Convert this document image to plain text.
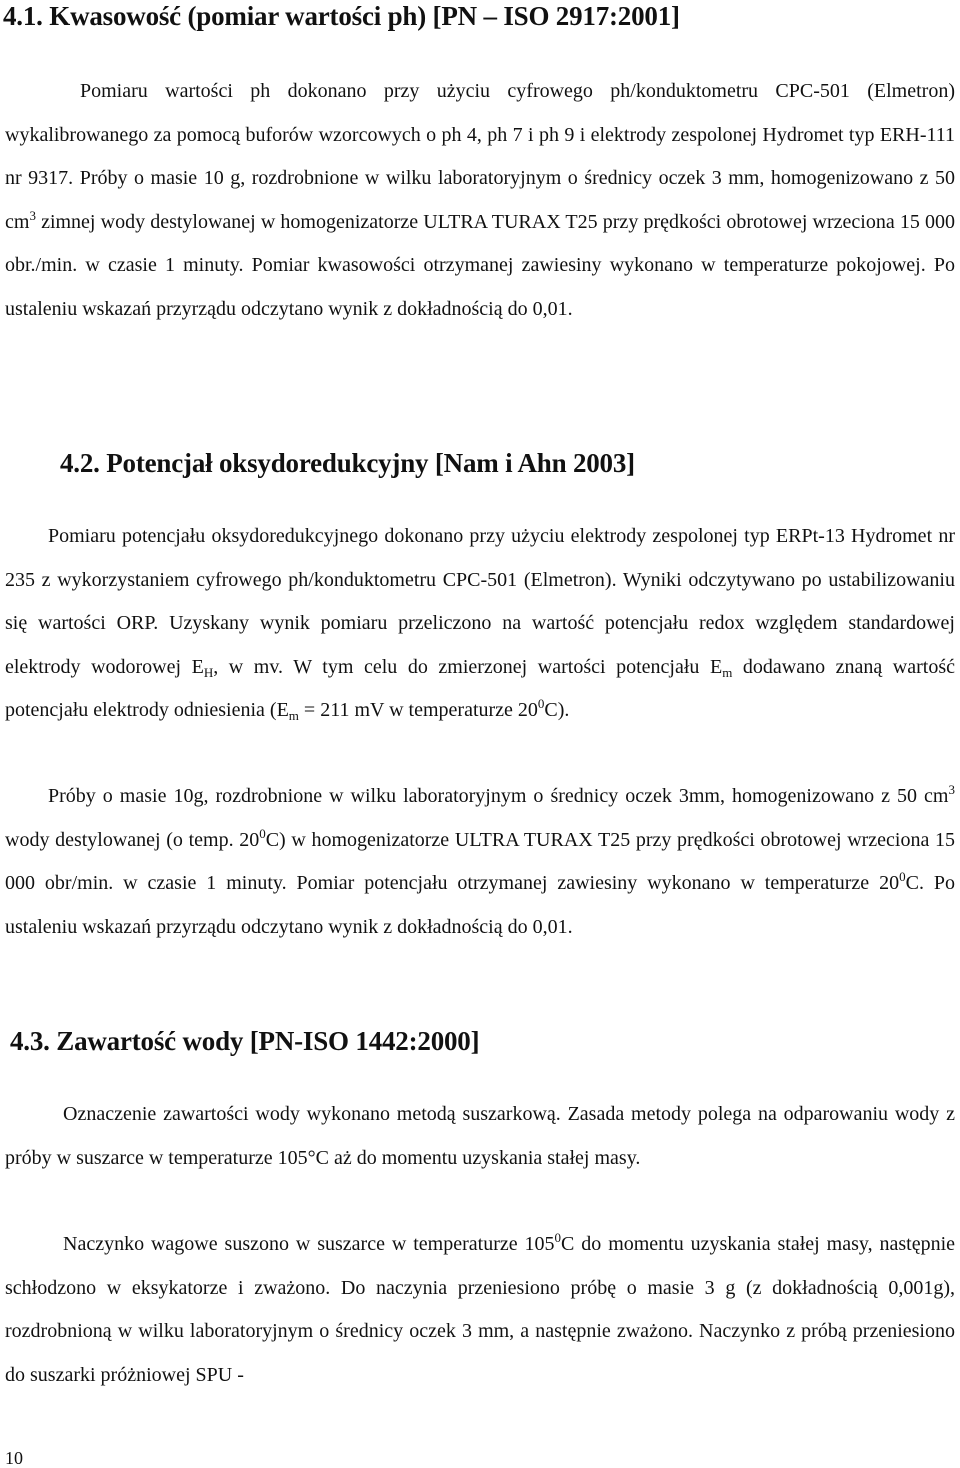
4.1. Kwasowość (pomiar wartości ph) [PN – ISO 2917:2001]

Pomiaru wartości ph dokonano przy użyciu cyfrowego ph/konduktometru CPC-501 (Elmetron) wykalibrowanego za pomocą buforów wzorcowych o ph 4, ph 7 i ph 9 i elektrody zespolonej Hydromet typ ERH-111 nr 9317. Próby o masie 10 g, rozdrobnione w wilku laboratoryjnym o średnicy oczek 3 mm, homogenizowano z 50 $cm^3$ zimnej wody destylowanej w homogenizatorze ULTRA TURAX T25 przy prędkości obrotowej wrzeciona 15 000 obr./min. w czasie 1 minuty. Pomiar kwasowości otrzymanej zawiesiny wykonano w temperaturze pokojowej. Po ustaleniu wskazań przyrządu odczytano wynik z dokładnością do 0,01.

4.2. Potencjał oksydoredukcyjny [Nam i Ahn 2003]

Pomiaru potencjału oksydoredukcyjnego dokonano przy użyciu elektrody zespolonej typ ERPt-13 Hydromet nr 235 z wykorzystaniem cyfrowego ph/konduktometru CPC-501 (Elmetron). Wyniki odczytywano po ustabilizowaniu się wartości ORP. Uzyskany wynik pomiaru przeliczono na wartość potencjału redox względem standardowej elektrody wodorowej $E_H$, w mv. W tym celu do zmierzonej wartości potencjału $E_m$ dodawano znaną wartość potencjału elektrody odniesienia ($E_m = 211$ mV w temperaturze $20^0C$).

Próby o masie 10g, rozdrobnione w wilku laboratoryjnym o średnicy oczek 3mm, homogenizowano z 50 $cm^3$ wody destylowanej (o temp. $20^0C$) w homogenizatorze ULTRA TURAX T25 przy prędkości obrotowej wrzeciona 15 000 obr/min. w czasie 1 minuty. Pomiar potencjału otrzymanej zawiesiny wykonano w temperaturze $20^0C$. Po ustaleniu wskazań przyrządu odczytano wynik z dokładnością do 0,01.

4.3. Zawartość wody [PN-ISO 1442:2000]

Oznaczenie zawartości wody wykonano metodą suszarkową. Zasada metody polega na odparowaniu wody z próby w suszarce w temperaturze 105°C aż do momentu uzyskania stałej masy.

Naczynko wagowe suszono w suszarce w temperaturze $105^0C$ do momentu uzyskania stałej masy, następnie schłodzono w eksykatorze i zważono. Do naczynia przeniesiono próbę o masie 3 g (z dokładnością 0,001g), rozdrobnioną w wilku laboratoryjnym o średnicy oczek 3 mm, a następnie zważono. Naczynko z próbą przeniesiono do suszarki próżniowej SPU -

10
